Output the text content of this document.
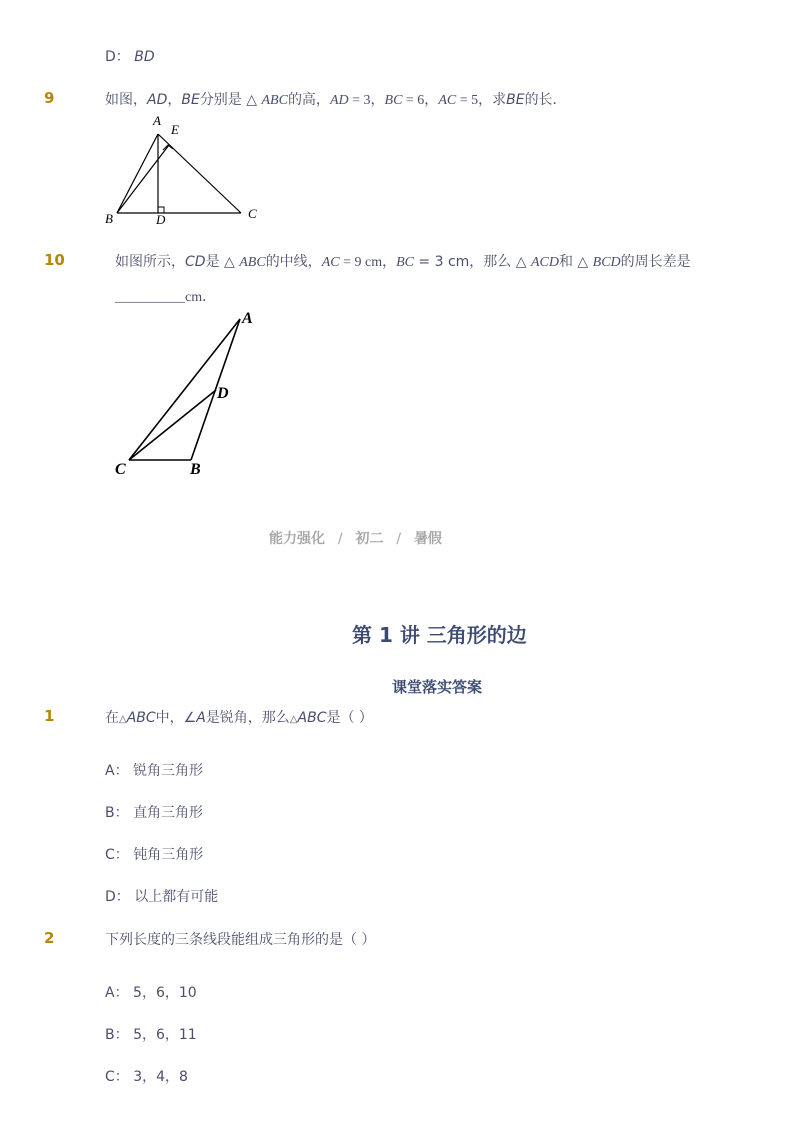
D： BD
9	如图，AD，BE分别是 △ ABC的高，AD = 3，BC = 6，AC = 5，求BE的长．
A
E
B	D	C
10	如图所示，CD是 △ ABC的中线，AC = 9 cm，BC = 3 cm，那么 △ ACD和 △ BCD的周长差是
__________cm．
A
D
C	B
能力强化 / 初二 / 暑假
第 1 讲 三角形的边
课堂落实答案
1	在△ABC中，∠A是锐角，那么△ABC是（ ）
A： 锐角三角形
B： 直角三角形
C： 钝角三角形
D： 以上都有可能
2	下列长度的三条线段能组成三角形的是（ ）
A： 5，6，10
B： 5，6，11
C： 3，4，8
